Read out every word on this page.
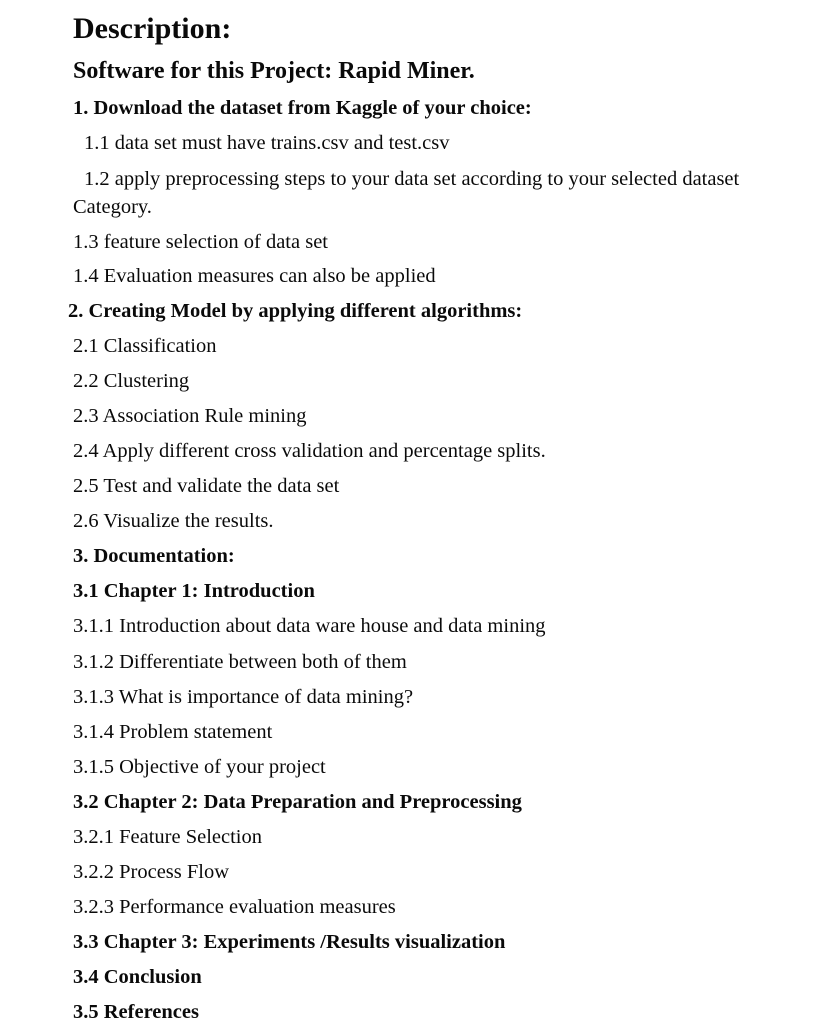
Description:
Software for this Project: Rapid Miner.
1. Download the dataset from Kaggle of your choice:
1.1 data set must have trains.csv and test.csv
1.2 apply preprocessing steps to your data set according to your selected dataset
Category.
1.3 feature selection of data set
1.4 Evaluation measures can also be applied
2. Creating Model by applying different algorithms:
2.1 Classification
2.2 Clustering
2.3 Association Rule mining
2.4 Apply different cross validation and percentage splits.
2.5 Test and validate the data set
2.6 Visualize the results.
3. Documentation:
3.1 Chapter 1: Introduction
3.1.1 Introduction about data ware house and data mining
3.1.2 Differentiate between both of them
3.1.3 What is importance of data mining?
3.1.4 Problem statement
3.1.5 Objective of your project
3.2 Chapter 2: Data Preparation and Preprocessing
3.2.1 Feature Selection
3.2.2 Process Flow
3.2.3 Performance evaluation measures
3.3 Chapter 3: Experiments /Results visualization
3.4 Conclusion
3.5 References
